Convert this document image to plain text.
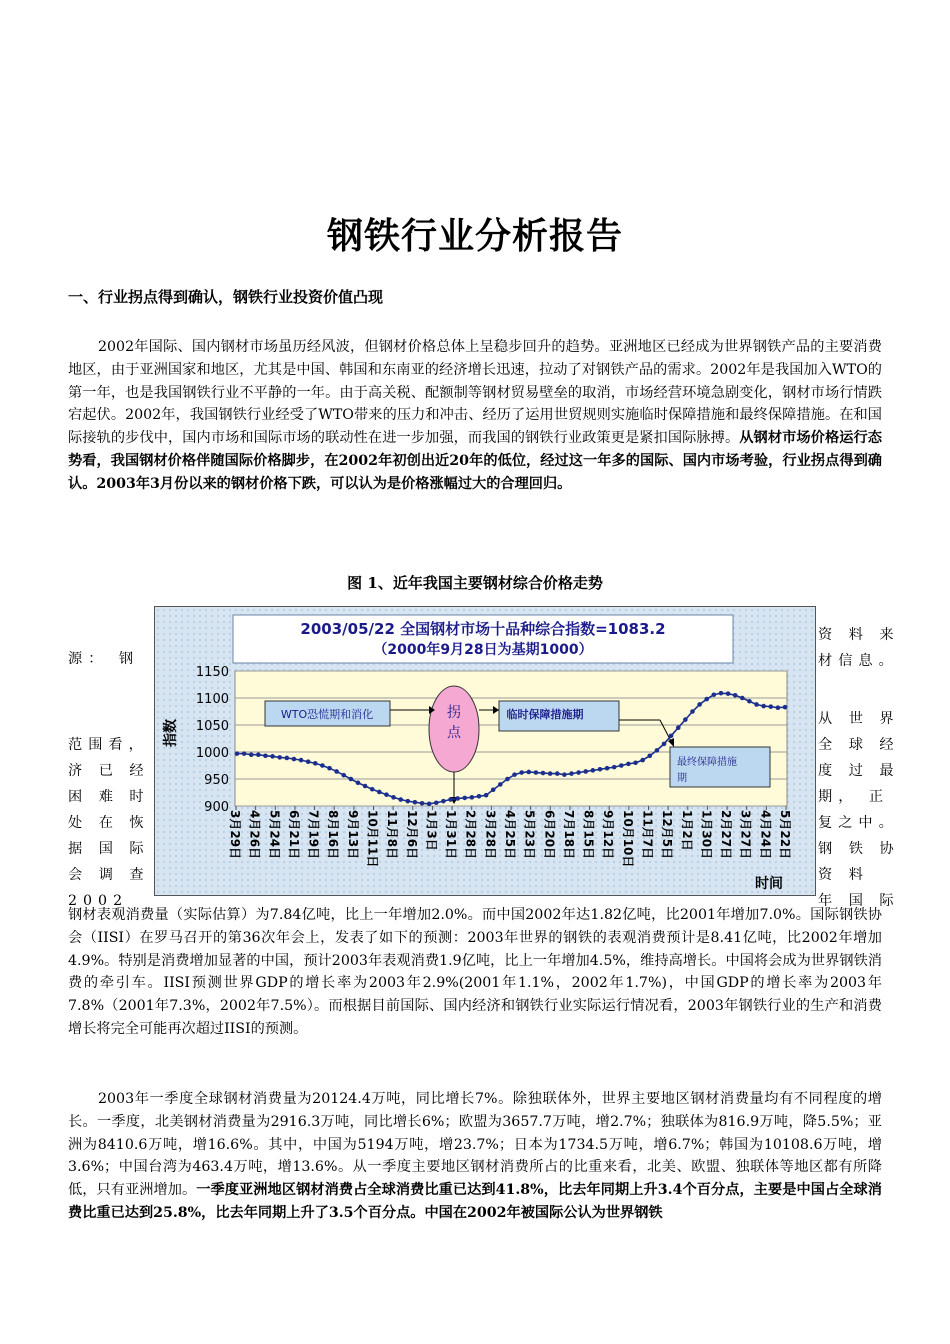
钢铁行业分析报告
一、行业拐点得到确认，钢铁行业投资价值凸现

2002年国际、国内钢材市场虽历经风波，但钢材价格总体上呈稳步回升的趋势。亚洲地区已经成为世界钢铁产品的主要消费地区，由于亚洲国家和地区，尤其是中国、韩国和东南亚的经济增长迅速，拉动了对钢铁产品的需求。2002年是我国加入WTO的第一年，也是我国钢铁行业不平静的一年。由于高关税、配额制等钢材贸易壁垒的取消，市场经营环境急剧变化，钢材市场行情跌宕起伏。2002年，我国钢铁行业经受了WTO带来的压力和冲击、经历了运用世贸规则实施临时保障措施和最终保障措施。在和国际接轨的步伐中，国内市场和国际市场的联动性在进一步加强，而我国的钢铁行业政策更是紧扣国际脉搏。从钢材市场价格运行态势看，我国钢材价格伴随国际价格脚步，在2002年初创出近20年的低位，经过这一年多的国际、国内市场考验，行业拐点得到确认。2003年3月份以来的钢材价格下跌，可以认为是价格涨幅过大的合理回归。

图 1、近年我国主要钢材综合价格走势
源： 钢
范围看，
济 已 经
困 难 时
处 在 恢
据 国 际
会 调 查
2002
资 料 来
材信息。
从 世 界
全 球 经
度 过 最
期， 正
复之中。
钢 铁 协
资 料
年 国 际
2003/05/22 全国钢材市场十品种综合指数=1083.2
（2000年9月28日为基期1000）
指数
时间
900
950
1000
1050
1100
1150
WTO恐慌期和消化	拐点
临时保障措施期
最终保障措施期
3月29日 4月26日 5月24日 6月21日 7月19日 8月16日 9月13日 10月11日 11月8日 12月6日 1月3日 1月31日 2月28日 3月28日 4月25日 5月23日 6月20日 7月18日 8月15日 9月12日 10月10日 11月7日 12月5日 1月2日 1月30日 2月27日 3月27日 4月24日 5月22日

钢材表观消费量（实际估算）为7.84亿吨，比上一年增加2.0%。而中国2002年达1.82亿吨，比2001年增加7.0%。国际钢铁协会（IISI）在罗马召开的第36次年会上，发表了如下的预测：2003年世界的钢铁的表观消费预计是8.41亿吨，比2002年增加4.9%。特别是消费增加显著的中国，预计2003年表观消费1.9亿吨，比上一年增加4.5%，维持高增长。中国将会成为世界钢铁消费的牵引车。IISI预测世界GDP的增长率为2003年2.9%(2001年1.1%，2002年1.7%)，中国GDP的增长率为2003年7.8%（2001年7.3%，2002年7.5%）。而根据目前国际、国内经济和钢铁行业实际运行情况看，2003年钢铁行业的生产和消费增长将完全可能再次超过IISI的预测。

2003年一季度全球钢材消费量为20124.4万吨，同比增长7%。除独联体外，世界主要地区钢材消费量均有不同程度的增长。一季度，北美钢材消费量为2916.3万吨，同比增长6%；欧盟为3657.7万吨，增2.7%；独联体为816.9万吨，降5.5%；亚洲为8410.6万吨，增16.6%。其中，中国为5194万吨，增23.7%；日本为1734.5万吨，增6.7%；韩国为10108.6万吨，增3.6%；中国台湾为463.4万吨，增13.6%。从一季度主要地区钢材消费所占的比重来看，北美、欧盟、独联体等地区都有所降低，只有亚洲增加。一季度亚洲地区钢材消费占全球消费比重已达到41.8%，比去年同期上升3.4个百分点，主要是中国占全球消费比重已达到25.8%，比去年同期上升了3.5个百分点。中国在2002年被国际公认为世界钢铁
